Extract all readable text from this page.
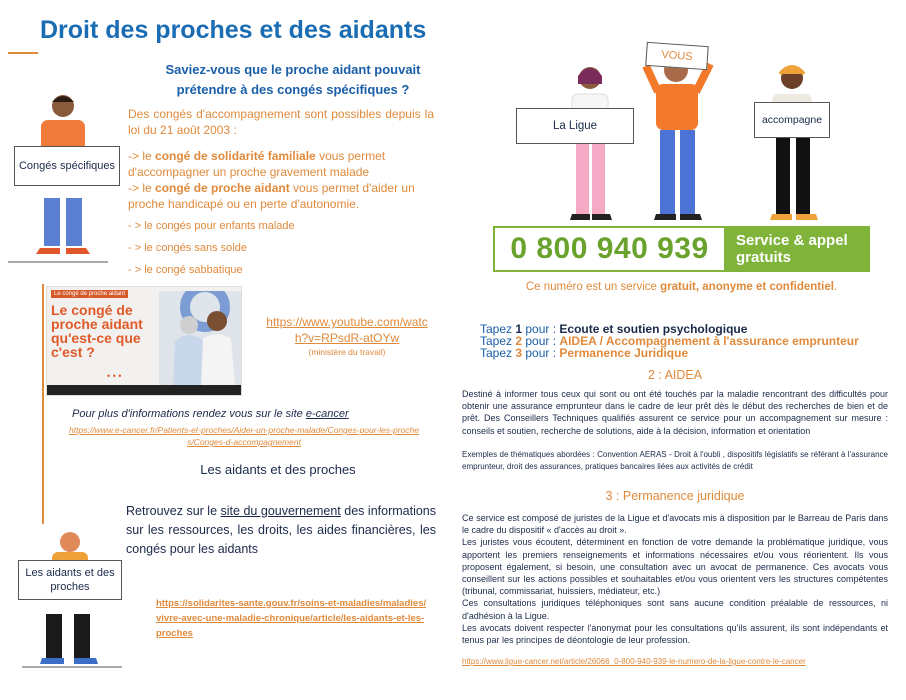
Droit des proches et des aidants
Saviez-vous que le proche aidant pouvait prétendre à des congés spécifiques ?
Des congés d'accompagnement sont possibles depuis la loi du 21 août 2003 :
-> le congé de solidarité familiale vous permet d'accompagner un proche gravement malade
-> le congé de proche aidant vous permet d'aider un proche handicapé ou en perte d'autonomie.
- > le congés pour enfants malade
- > le congés sans solde
- > le congé sabbatique
Congés spécifiques
Le congé de proche aidant
Le congé de proche aidant qu'est-ce que c'est ?
• • •
https://www.youtube.com/watch?v=RPsdR-atOYw
(ministère du travail)
Pour plus d'informations rendez vous sur le site e-cancer
https://www.e-cancer.fr/Patients-et-proches/Aider-un-proche-malade/Conges-pour-les-proches/Conges-d-accompagnement
Les aidants et des proches
Retrouvez sur le site du gouvernement des informations sur les ressources, les droits, les aides financières, les congés pour les aidants
Les aidants et des proches
https://solidarites-sante.gouv.fr/soins-et-maladies/maladies/vivre-avec-une-maladie-chronique/article/les-aidants-et-les-proches
La Ligue
VOUS
accompagne
0 800 940 939	Service & appel gratuits
Ce numéro est un service gratuit, anonyme et confidentiel.
Tapez 1 pour : Ecoute et soutien psychologique
Tapez 2 pour : AIDEA / Accompagnement à l'assurance emprunteur
Tapez 3 pour : Permanence Juridique
2 : AIDEA
Destiné à informer tous ceux qui sont ou ont été touchés par la maladie rencontrant des difficultés pour obtenir une assurance emprunteur dans le cadre de leur prêt dès le début des recherches de bien et de prêt. Des Conseillers Techniques qualifiés assurent ce service pour un accompagnement sur mesure : conseils et soutien, recherche de solutions, aide à la décision, information et orientation
Exemples de thématiques abordées : Convention AERAS - Droit à l'oubli , dispositifs législatifs se référant à l'assurance emprunteur, droit des assurances, pratiques bancaires liées aux activités de crédit
3 : Permanence juridique
Ce service est composé de juristes de la Ligue et d'avocats mis à disposition par le Barreau de Paris dans le cadre du dispositif « d'accès au droit ».
Les juristes vous écoutent, déterminent en fonction de votre demande la problématique juridique, vous apportent les premiers renseignements et informations nécessaires et/ou vous réorientent. Ils vous proposent également, si besoin, une consultation avec un avocat de permanence. Ces avocats vous conseillent sur les actions possibles et souhaitables et/ou vous orientent vers les structures compétentes (tribunal, commissariat, huissiers, médiateur, etc.)
Ces consultations juridiques téléphoniques sont sans aucune condition préalable de ressources, ni d'adhésion à la Ligue.
Les avocats doivent respecter l'anonymat pour les consultations qu'ils assurent, ils sont indépendants et tenus par les principes de déontologie de leur profession.
https://www.ligue-cancer.net/article/26066_0-800-940-939-le-numero-de-la-ligue-contre-le-cancer
